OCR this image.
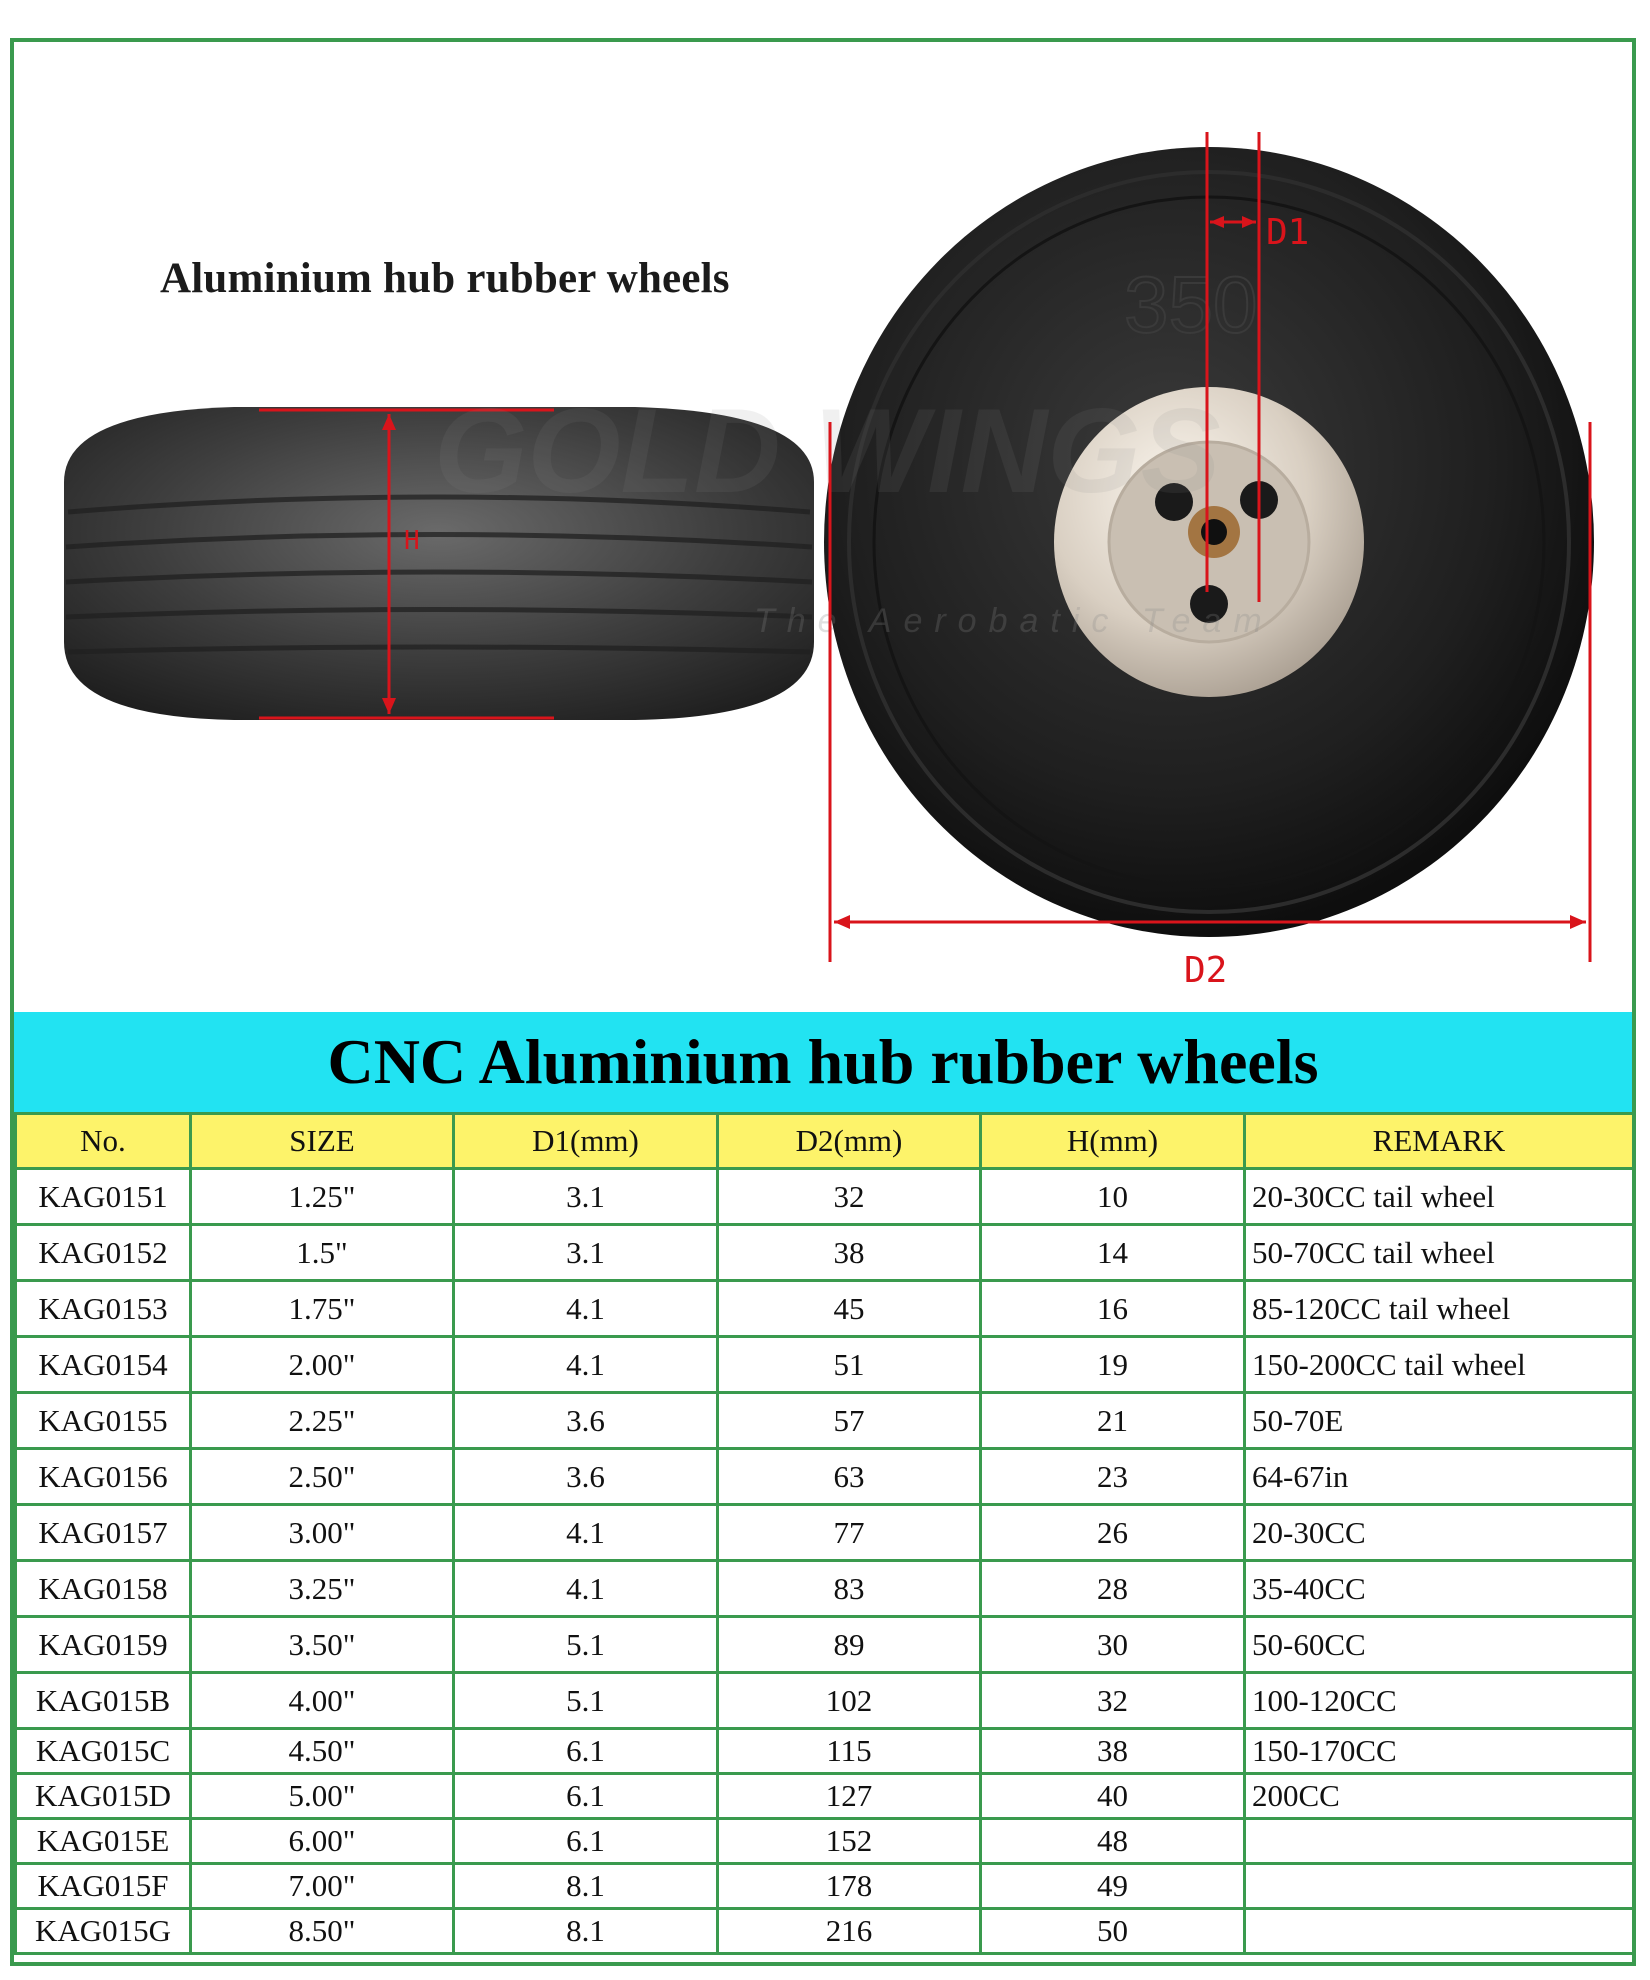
Aluminium hub rubber wheels	350
GOLD WINGS
The Aerobatic Team
D1
D2
H
CNC Aluminium hub rubber wheels
No.	SIZE	D1(mm)	D2(mm)	H(mm)	REMARK
KAG0151	1.25"	3.1	32	10	20-30CC tail wheel
KAG0152	1.5"	3.1	38	14	50-70CC tail wheel
KAG0153	1.75"	4.1	45	16	85-120CC tail wheel
KAG0154	2.00"	4.1	51	19	150-200CC tail wheel
KAG0155	2.25"	3.6	57	21	50-70E
KAG0156	2.50"	3.6	63	23	64-67in
KAG0157	3.00"	4.1	77	26	20-30CC
KAG0158	3.25"	4.1	83	28	35-40CC
KAG0159	3.50"	5.1	89	30	50-60CC
KAG015B	4.00"	5.1	102	32	100-120CC
KAG015C	4.50"	6.1	115	38	150-170CC
KAG015D	5.00"	6.1	127	40	200CC
KAG015E	6.00"	6.1	152	48	
KAG015F	7.00"	8.1	178	49	
KAG015G	8.50"	8.1	216	50	
